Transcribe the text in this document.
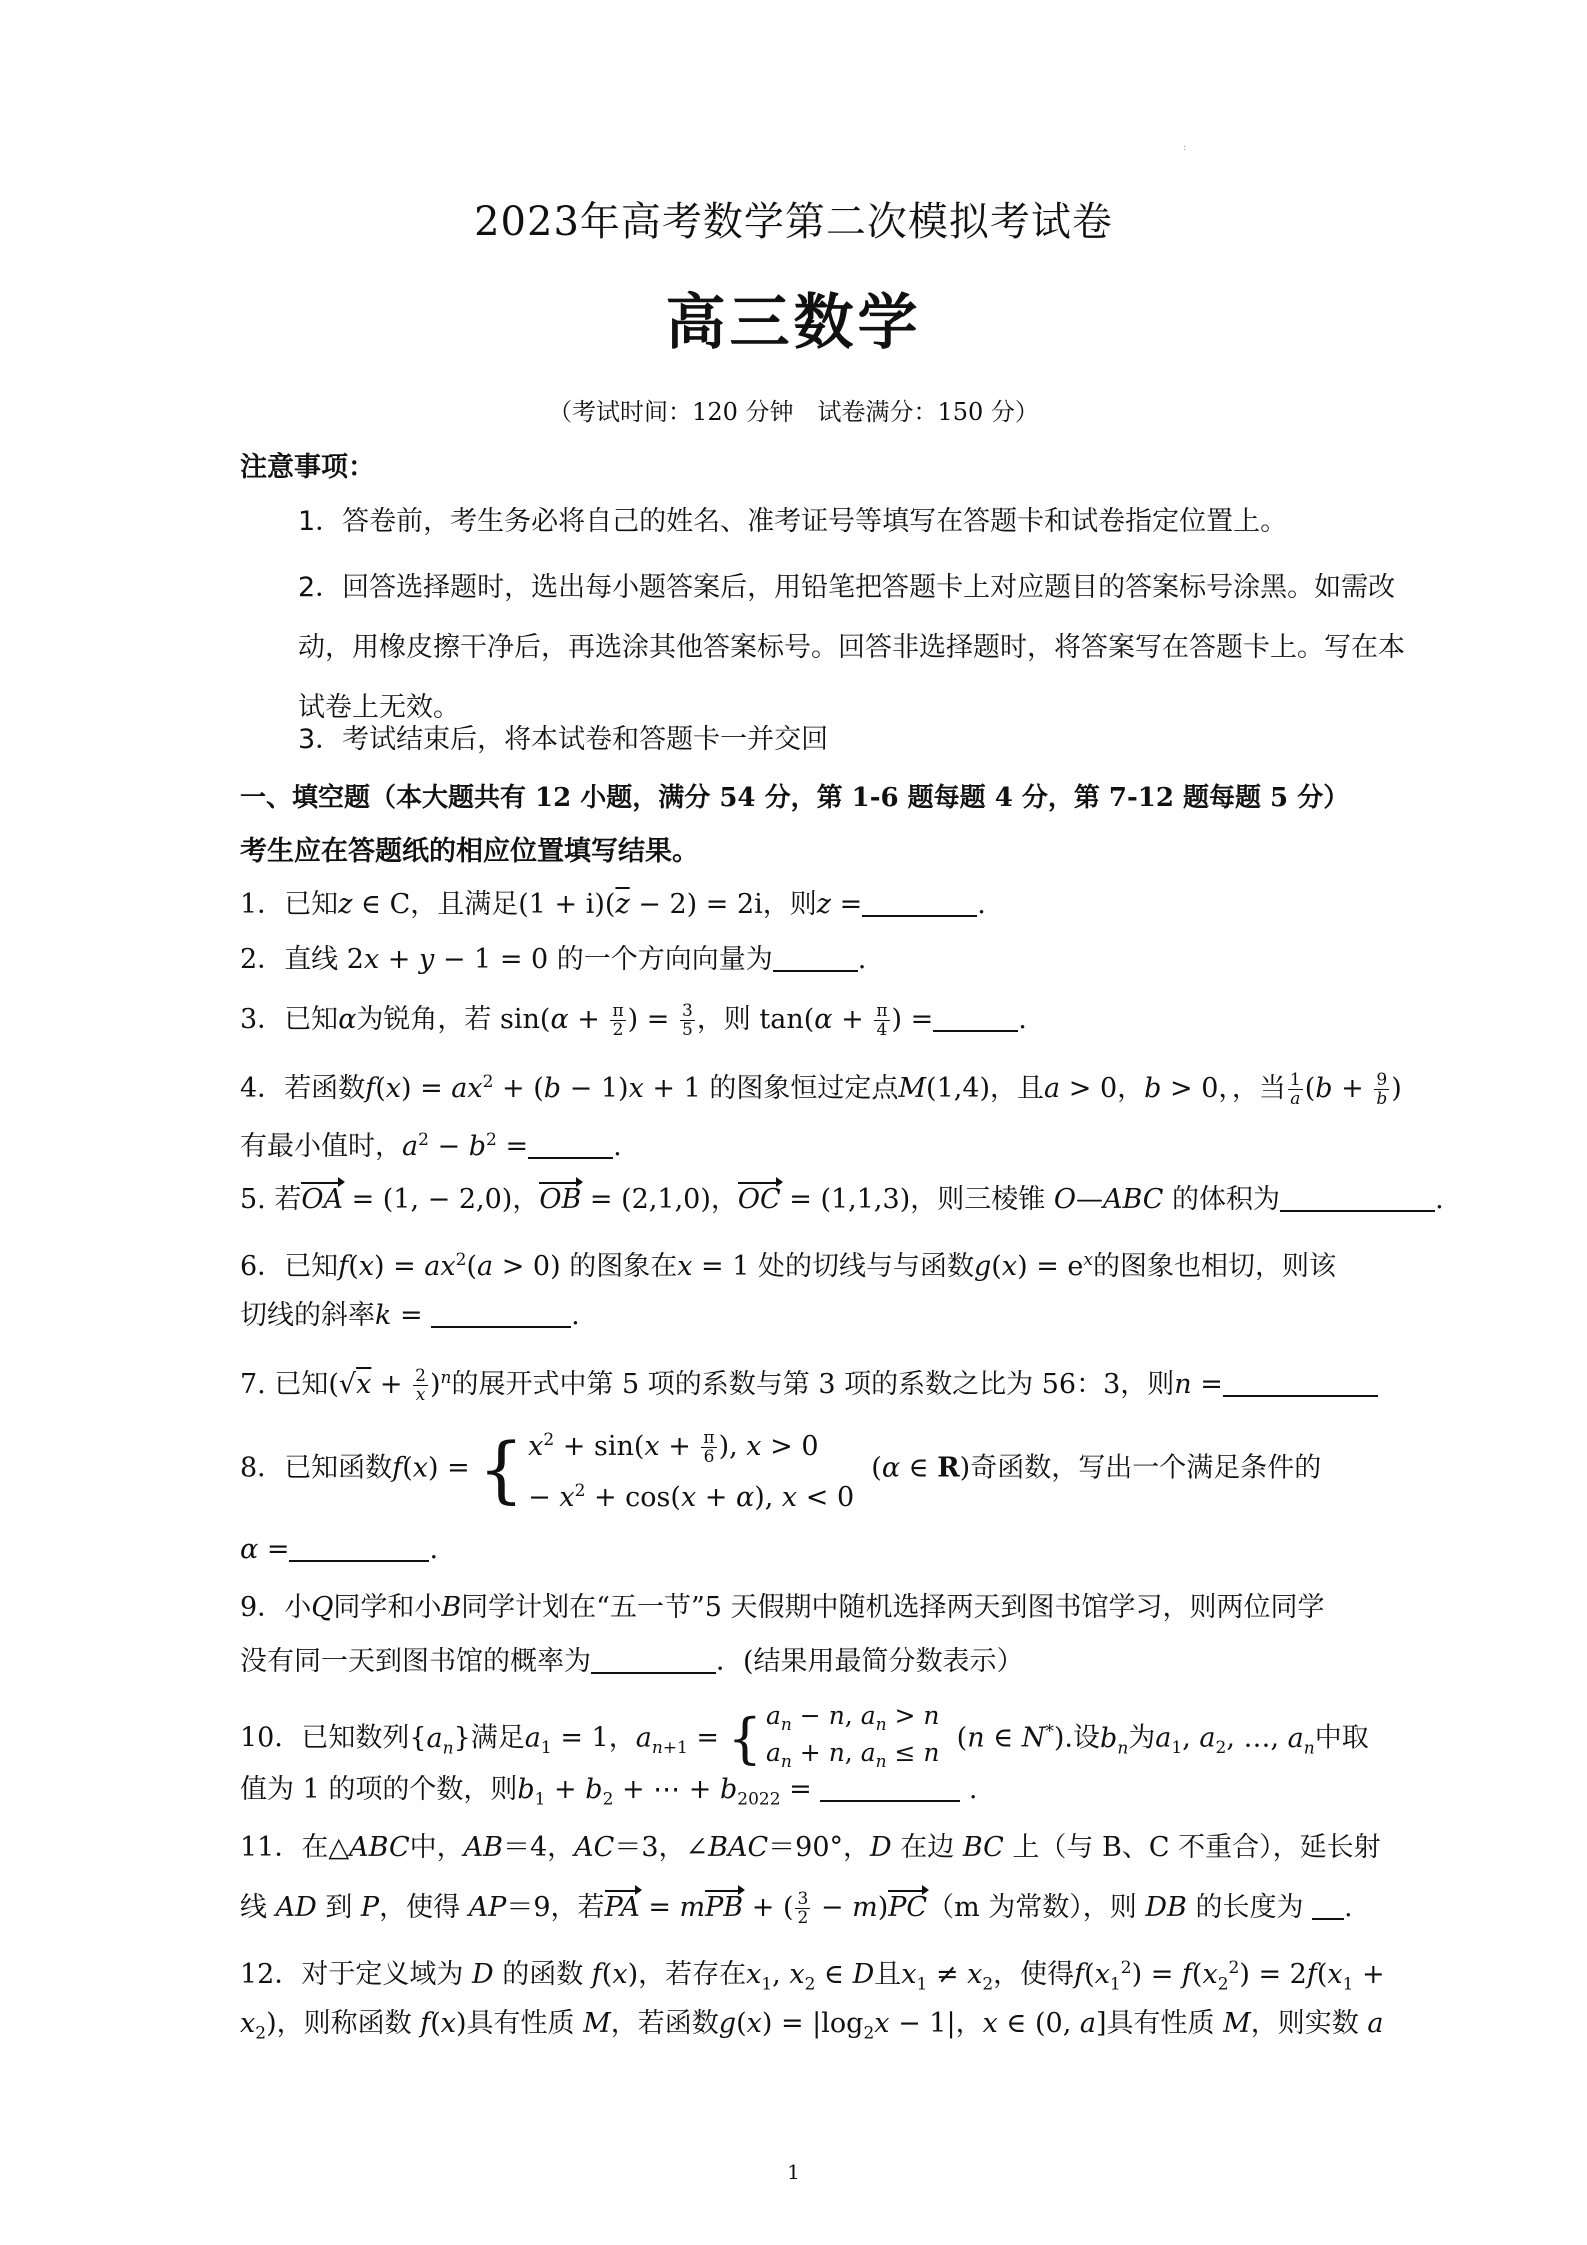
:
2023年高考数学第二次模拟考试卷
高三数学
（考试时间：120 分钟　试卷满分：150 分）
注意事项：
1．答卷前，考生务必将自己的姓名、准考证号等填写在答题卡和试卷指定位置上。
2．回答选择题时，选出每小题答案后，用铅笔把答题卡上对应题目的答案标号涂黑。如需改动，用橡皮擦干净后，再选涂其他答案标号。回答非选择题时，将答案写在答题卡上。写在本试卷上无效。
3．考试结束后，将本试卷和答题卡一并交回
一、填空题（本大题共有 12 小题，满分 54 分，第 1-6 题每题 4 分，第 7-12 题每题 5 分）
考生应在答题纸的相应位置填写结果。
1．已知z ∈ C，且满足$(1 + i)(\overline{z} - 2) = 2i$，则z =	.
2．直线 2x + y − 1 = 0 的一个方向向量为	.
3．已知α为锐角，若 $\sin(\alpha + \frac{\pi}{2}$ ) = $\frac{3}{5}$ ，则 $\tan(\alpha + \frac{\pi}{4}$ ) =	.
4．若函数$f(x) = ax^2 + (b - 1)x + 1$ 的图象恒过定点M(1,4)，且a > 0，b > 0，，当 $\frac{1}{a} (b + \frac{9}{b}$ )
有最小值时，$a^2 - b^2$ =	.
5. 若OA = (1, − 2,0)，OB = (2,1,0)，OC = (1,1,3)，则三棱锥 O—ABC 的体积为	.
6．已知$f(x) = ax^2(a > 0)$ 的图象在x = 1 处的切线与与函数$g(x) = e^x$的图象也相切，则该
切线的斜率k =	.
7. 已知$(√x + \frac{2}{x} )^n$的展开式中第 5 项的系数与第 3 项的系数之比为 56：3，则n =
8．已知函数f(x) = { $x^2 + \sin(x + \frac{\pi}{6}$ ), x > 0
− $x^2 + \cos(x + \alpha)$, x < 0
(α ∈ R)奇函数，写出一个满足条件的
α =	.
9．小Q同学和小B同学计划在“五一节”5 天假期中随机选择两天到图书馆学习，则两位同学
没有同一天到图书馆的概率为	．(结果用最简分数表示）
10．已知数列$\{a_n\}$满足$a_1 = 1$，$a_{n+1}$ = { $a_n - n$, $a_n > n$
$a_n + n$, $a_n \le n$ (n ∈ N*).设$b_n$为$a_1$, $a_2$, …, $a_n$中取
值为 1 的项的个数，则$b_1 + b_2$ + ⋯ + $b_{2022}$ =	.
11．在△ABC中，AB＝4，AC＝3，∠BAC＝90°，D 在边 BC 上（与 B、C 不重合），延长射
线 AD 到 P，使得 AP＝9，若PA = mPB + ( $\frac{3}{2} - m)PC(m$ 为常数），则 DB 的长度为 .
12．对于定义域为 D 的函数 f(x)，若存在$x_1$, $x_2$ ∈ D且$x_1 \ne x_2$，使得$f(x_1^2) = f(x_2^2) = 2f(x_1$ +
$x_2$)，则称函数 f(x)具有性质 M，若函数$g(x) = |\log_2x - 1|$，x ∈ (0, a]具有性质 M，则实数 a
1
